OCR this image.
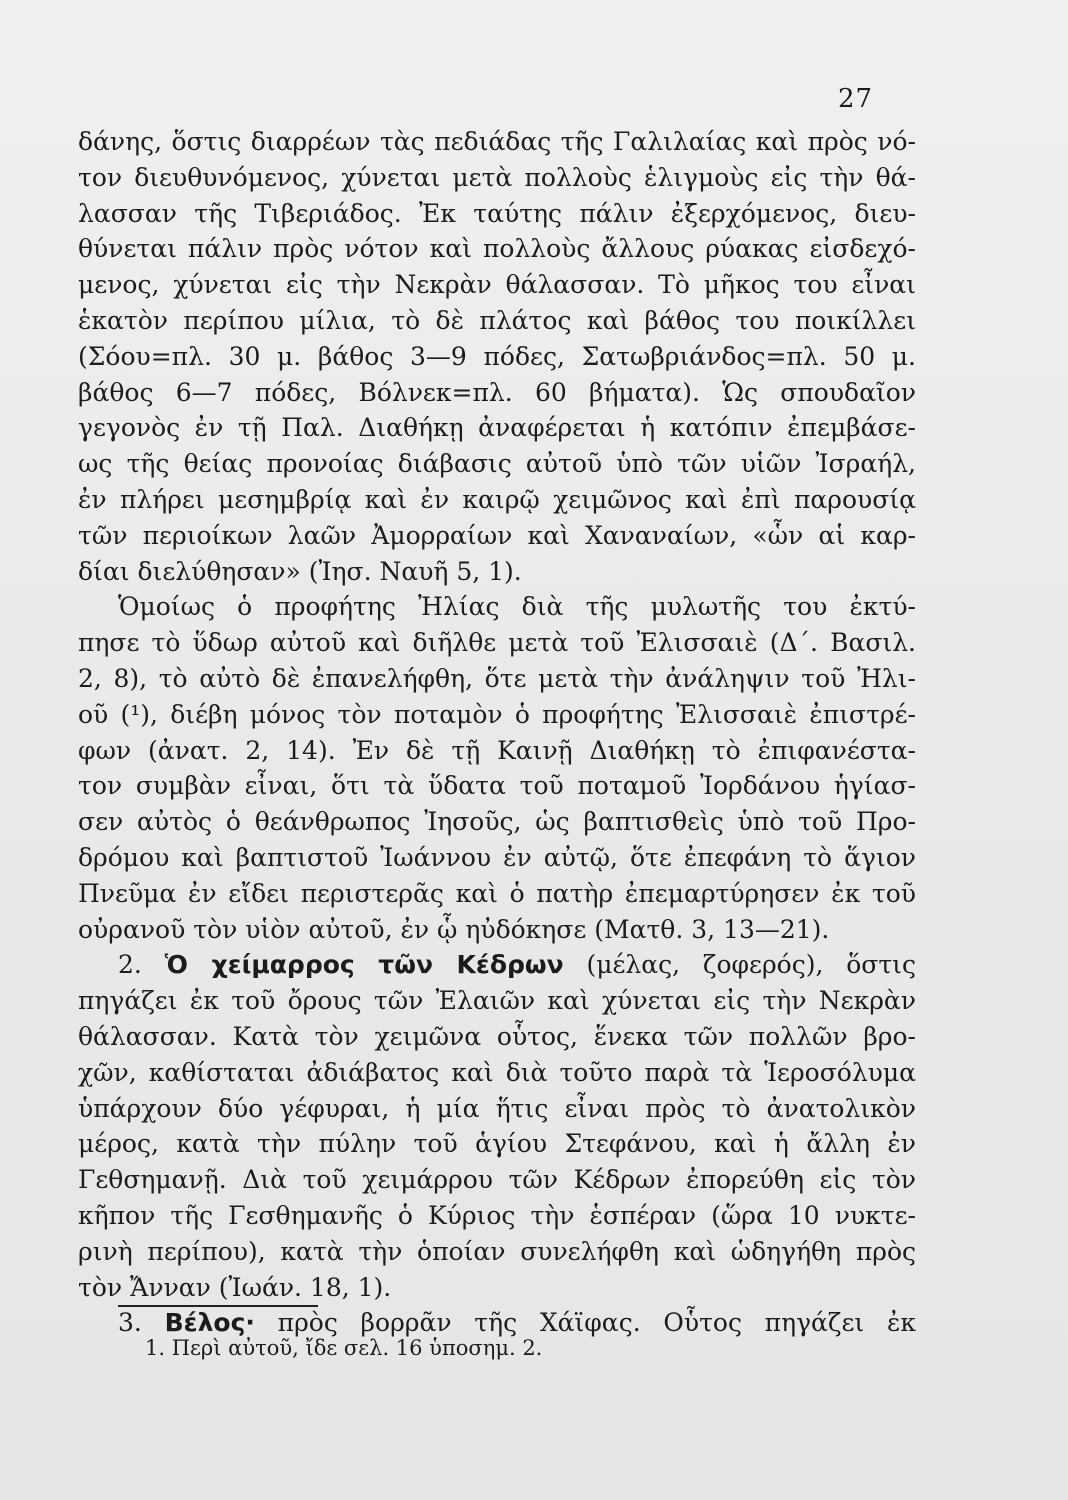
27
δάνης, ὅστις διαρρέων τὰς πεδιάδας τῆς Γαλιλαίας καὶ πρὸς νό-
τον διευθυνόμενος, χύνεται μετὰ πολλοὺς ἑλιγμοὺς εἰς τὴν θά-
λασσαν τῆς Τιβεριάδος. Ἐκ ταύτης πάλιν ἐξερχόμενος, διευ-
θύνεται πάλιν πρὸς νότον καὶ πολλοὺς ἄλλους ρύακας εἰσδεχό-
μενος, χύνεται εἰς τὴν Νεκρὰν θάλασσαν. Τὸ μῆκος του εἶναι
ἑκατὸν περίπου μίλια, τὸ δὲ πλάτος καὶ βάθος του ποικίλλει
(Σόου=πλ. 30 μ. βάθος 3—9 πόδες, Σατωβριάνδος=πλ. 50 μ.
βάθος 6—7 πόδες, Βόλνεκ=πλ. 60 βήματα). Ὡς σπουδαῖον
γεγονὸς ἐν τῇ Παλ. Διαθήκῃ ἀναφέρεται ἡ κατόπιν ἐπεμβάσε-
ως τῆς θείας προνοίας διάβασις αὐτοῦ ὑπὸ τῶν υἱῶν Ἰσραήλ,
ἐν πλήρει μεσημβρίᾳ καὶ ἐν καιρῷ χειμῶνος καὶ ἐπὶ παρουσίᾳ
τῶν περιοίκων λαῶν Ἀμορραίων καὶ Χαναναίων, «ὧν αἱ καρ-
δίαι διελύθησαν» (Ἰησ. Ναυῆ 5, 1).
Ὁμοίως ὁ προφήτης Ἠλίας διὰ τῆς μυλωτῆς του ἐκτύ-
πησε τὸ ὕδωρ αὐτοῦ καὶ διῆλθε μετὰ τοῦ Ἐλισσαιὲ (Δ΄. Βασιλ.
2, 8), τὸ αὐτὸ δὲ ἐπανελήφθη, ὅτε μετὰ τὴν ἀνάληψιν τοῦ Ἠλι-
οῦ (¹), διέβη μόνος τὸν ποταμὸν ὁ προφήτης Ἐλισσαιὲ ἐπιστρέ-
φων (ἀνατ. 2, 14). Ἐν δὲ τῇ Καινῇ Διαθήκῃ τὸ ἐπιφανέστα-
τον συμβὰν εἶναι, ὅτι τὰ ὕδατα τοῦ ποταμοῦ Ἰορδάνου ἡγίασ-
σεν αὐτὸς ὁ θεάνθρωπος Ἰησοῦς, ὡς βαπτισθεὶς ὑπὸ τοῦ Προ-
δρόμου καὶ βαπτιστοῦ Ἰωάννου ἐν αὐτῷ, ὅτε ἐπεφάνη τὸ ἅγιον
Πνεῦμα ἐν εἴδει περιστερᾶς καὶ ὁ πατὴρ ἐπεμαρτύρησεν ἐκ τοῦ
οὐρανοῦ τὸν υἱὸν αὐτοῦ, ἐν ᾧ ηὐδόκησε (Ματθ. 3, 13—21).
2. Ὁ χείμαρρος τῶν Κέδρων (μέλας, ζοφερός), ὅστις
πηγάζει ἐκ τοῦ ὄρους τῶν Ἐλαιῶν καὶ χύνεται εἰς τὴν Νεκρὰν
θάλασσαν. Κατὰ τὸν χειμῶνα οὗτος, ἕνεκα τῶν πολλῶν βρο-
χῶν, καθίσταται ἀδιάβατος καὶ διὰ τοῦτο παρὰ τὰ Ἱεροσόλυμα
ὑπάρχουν δύο γέφυραι, ἡ μία ἥτις εἶναι πρὸς τὸ ἀνατολικὸν
μέρος, κατὰ τὴν πύλην τοῦ ἁγίου Στεφάνου, καὶ ἡ ἄλλη ἐν
Γεθσημανῇ. Διὰ τοῦ χειμάρρου τῶν Κέδρων ἐπορεύθη εἰς τὸν
κῆπον τῆς Γεσθημανῆς ὁ Κύριος τὴν ἑσπέραν (ὥρα 10 νυκτε-
ρινὴ περίπου), κατὰ τὴν ὁποίαν συνελήφθη καὶ ὡδηγήθη πρὸς
τὸν Ἄνναν (Ἰωάν. 18, 1).
3. Βέλος· πρὸς βορρᾶν τῆς Χάϊφας. Οὗτος πηγάζει ἐκ
1. Περὶ αὐτοῦ, ἴδε σελ. 16 ὑποσημ. 2.
